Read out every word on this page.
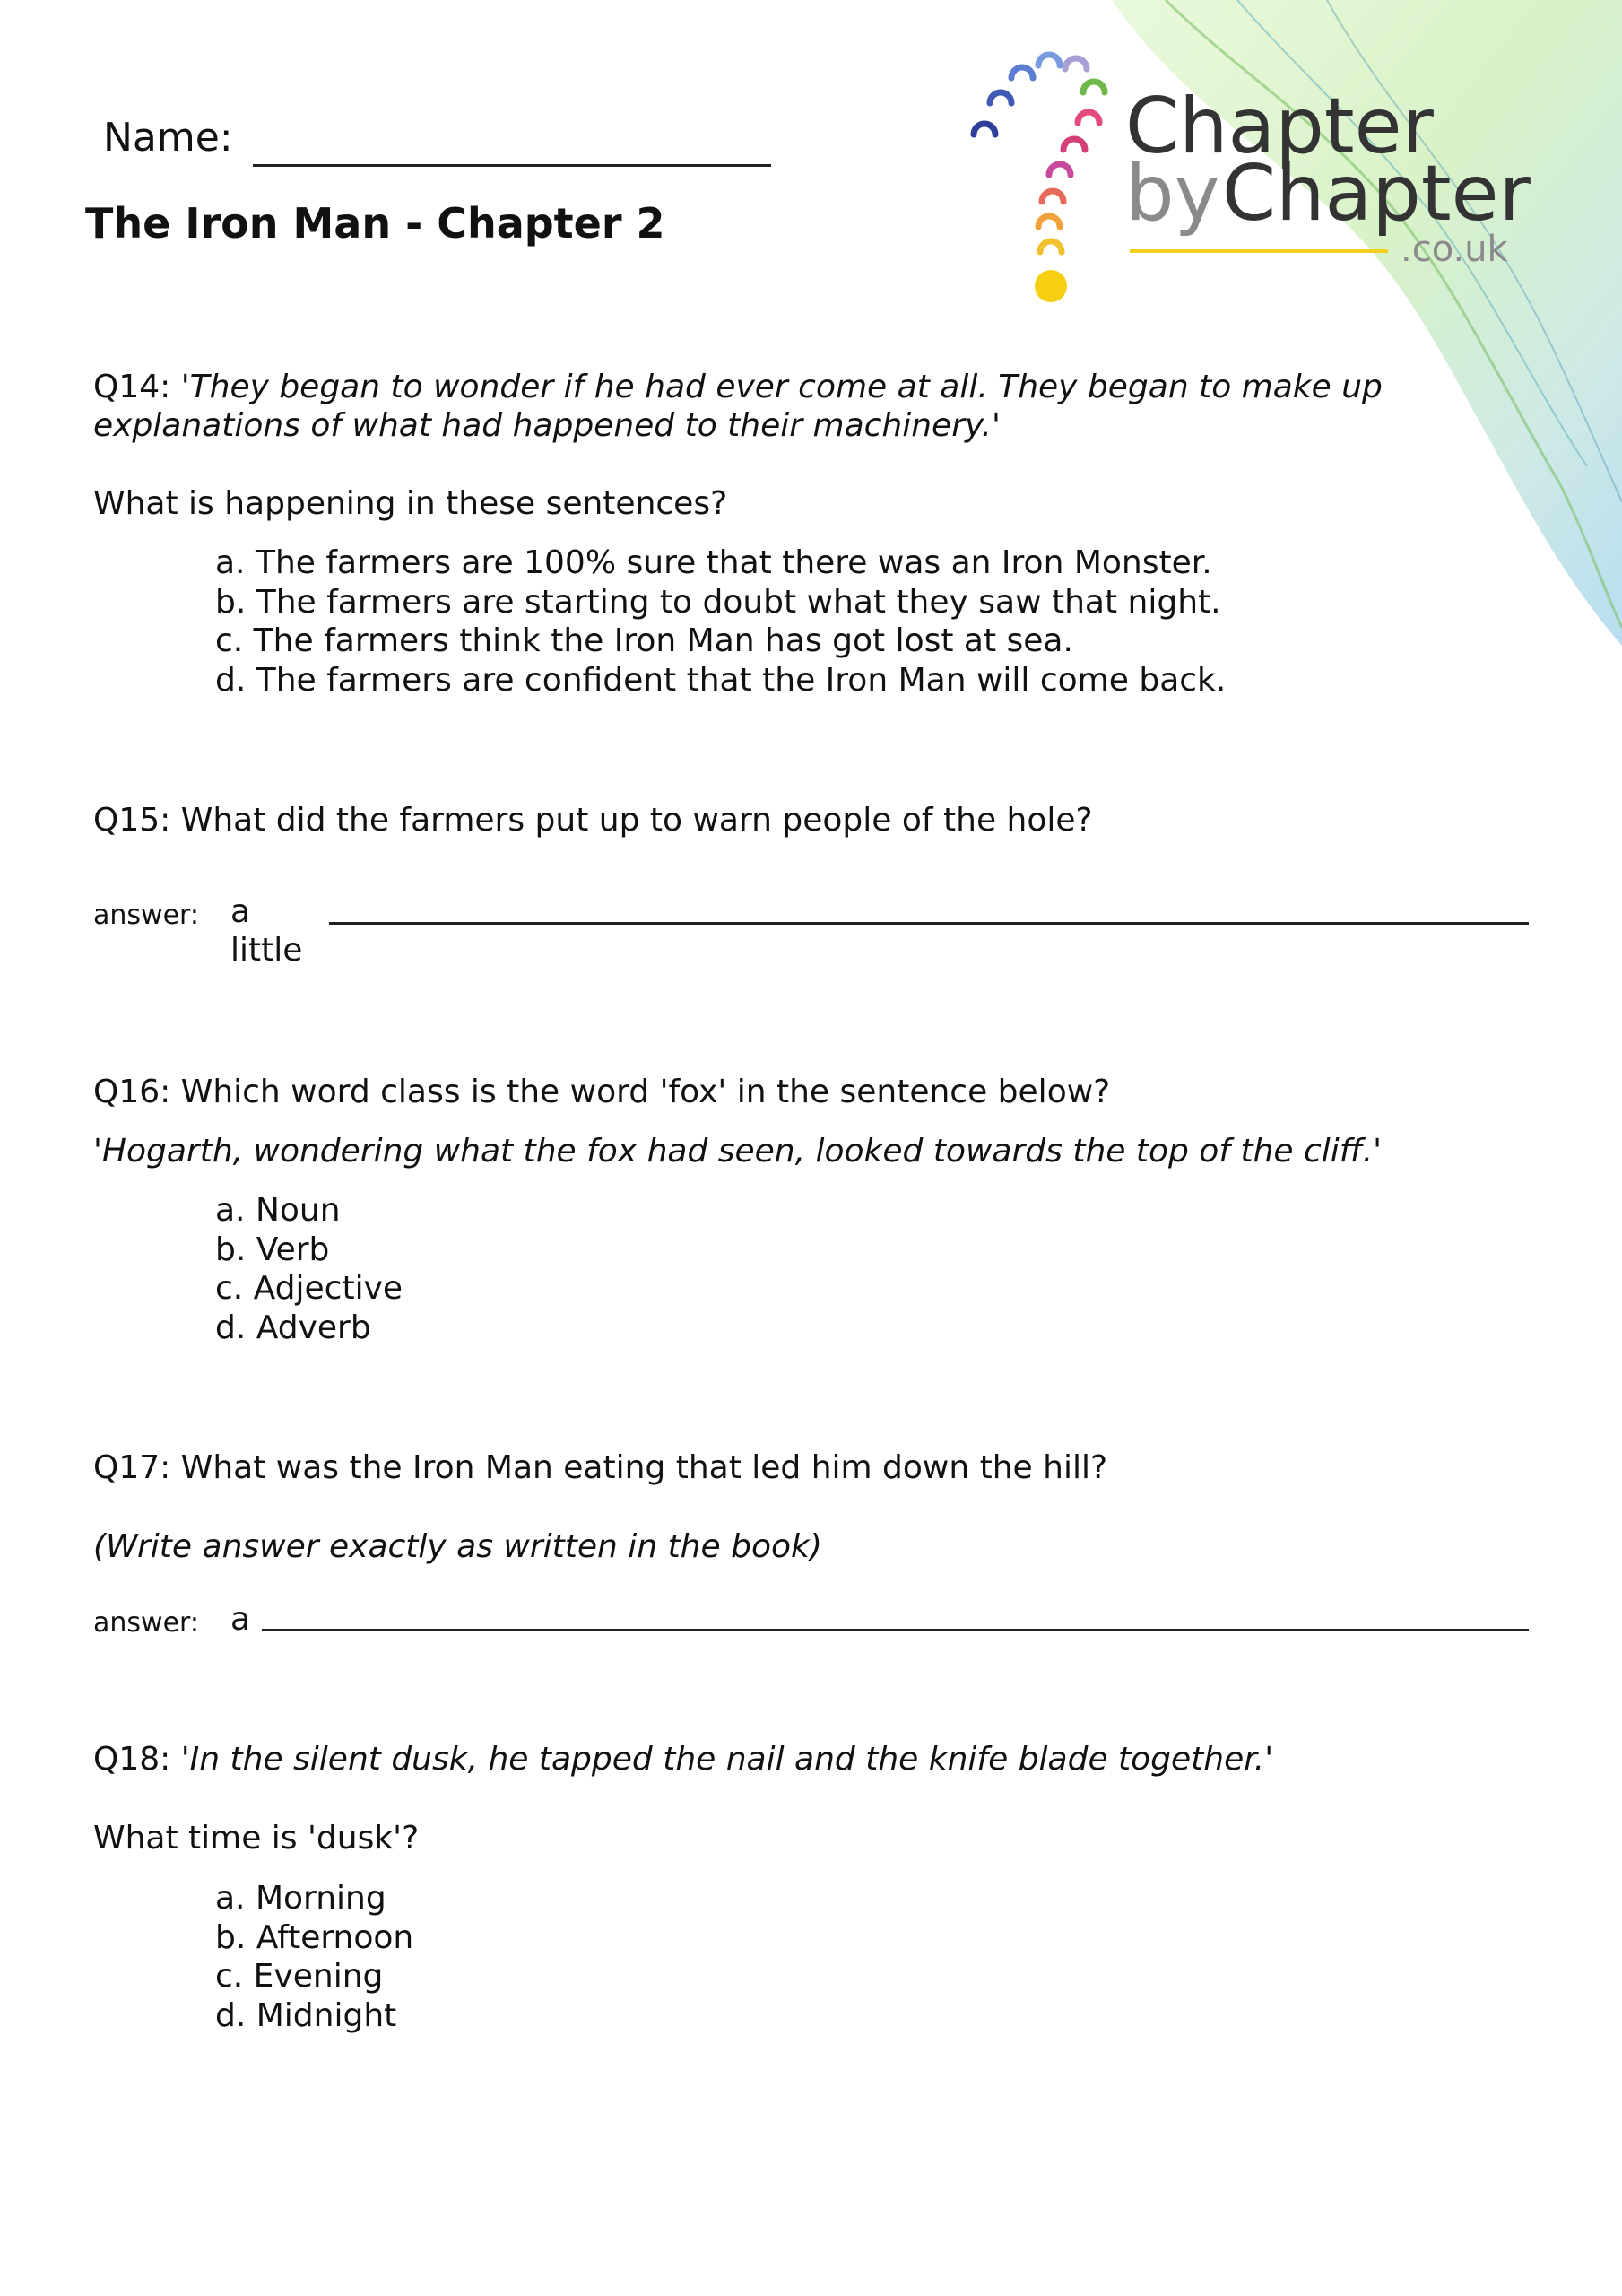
Chapter
by Chapter
.co.uk
Name:
The Iron Man - Chapter 2
Q14: 'They began to wonder if he had ever come at all. They began to make up
explanations of what had happened to their machinery.'
What is happening in these sentences?
a. The farmers are 100% sure that there was an Iron Monster.
b. The farmers are starting to doubt what they saw that night.
c. The farmers think the Iron Man has got lost at sea.
d. The farmers are confident that the Iron Man will come back.
Q15: What did the farmers put up to warn people of the hole?
answer: a
little
Q16: Which word class is the word 'fox' in the sentence below?
'Hogarth, wondering what the fox had seen, looked towards the top of the cliff.'
a. Noun
b. Verb
c. Adjective
d. Adverb
Q17: What was the Iron Man eating that led him down the hill?
(Write answer exactly as written in the book)
answer: a
Q18: 'In the silent dusk, he tapped the nail and the knife blade together.'
What time is 'dusk'?
a. Morning
b. Afternoon
c. Evening
d. Midnight
